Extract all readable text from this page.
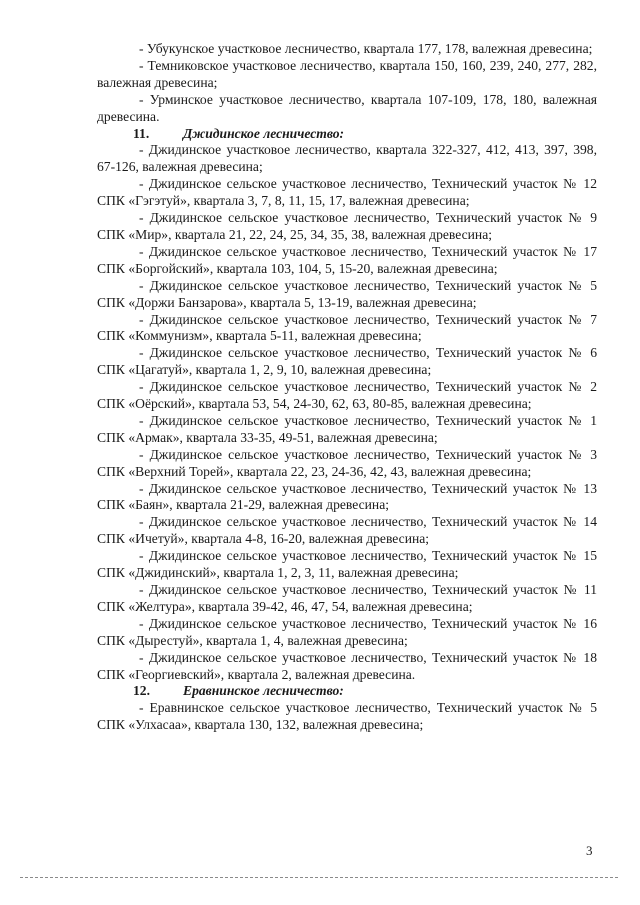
- Убукунское участковое лесничество, квартала 177, 178, валежная древесина;

- Темниковское участковое лесничество, квартала 150, 160, 239, 240, 277, 282, валежная древесина;

- Урминское участковое лесничество, квартала 107-109, 178, 180, валежная древесина.

11. Джидинское лесничество:

- Джидинское участковое лесничество, квартала 322-327, 412, 413, 397, 398, 67-126, валежная древесина;

- Джидинское сельское участковое лесничество, Технический участок № 12 СПК «Гэгэтуй», квартала 3, 7, 8, 11, 15, 17, валежная древесина;

- Джидинское сельское участковое лесничество, Технический участок № 9 СПК «Мир», квартала 21, 22, 24, 25, 34, 35, 38, валежная древесина;

- Джидинское сельское участковое лесничество, Технический участок № 17 СПК «Боргойский», квартала 103, 104, 5, 15-20, валежная древесина;

- Джидинское сельское участковое лесничество, Технический участок № 5 СПК «Доржи Банзарова», квартала 5, 13-19, валежная древесина;

- Джидинское сельское участковое лесничество, Технический участок № 7 СПК «Коммунизм», квартала 5-11, валежная древесина;

- Джидинское сельское участковое лесничество, Технический участок № 6 СПК «Цагатуй», квартала 1, 2, 9, 10, валежная древесина;

- Джидинское сельское участковое лесничество, Технический участок № 2 СПК «Оёрский», квартала 53, 54, 24-30, 62, 63, 80-85, валежная древесина;

- Джидинское сельское участковое лесничество, Технический участок № 1 СПК «Армак», квартала 33-35, 49-51, валежная древесина;

- Джидинское сельское участковое лесничество, Технический участок № 3 СПК «Верхний Торей», квартала 22, 23, 24-36, 42, 43, валежная древесина;

- Джидинское сельское участковое лесничество, Технический участок № 13 СПК «Баян», квартала 21-29, валежная древесина;

- Джидинское сельское участковое лесничество, Технический участок № 14 СПК «Ичетуй», квартала 4-8, 16-20, валежная древесина;

- Джидинское сельское участковое лесничество, Технический участок № 15 СПК «Джидинский», квартала 1, 2, 3, 11, валежная древесина;

- Джидинское сельское участковое лесничество, Технический участок № 11 СПК «Желтура», квартала 39-42, 46, 47, 54, валежная древесина;

- Джидинское сельское участковое лесничество, Технический участок № 16 СПК «Дырестуй», квартала 1, 4, валежная древесина;

- Джидинское сельское участковое лесничество, Технический участок № 18 СПК «Георгиевский», квартала 2, валежная древесина.

12. Еравнинское лесничество:

- Еравнинское сельское участковое лесничество, Технический участок № 5 СПК «Улхасаа», квартала 130, 132, валежная древесина;

3
